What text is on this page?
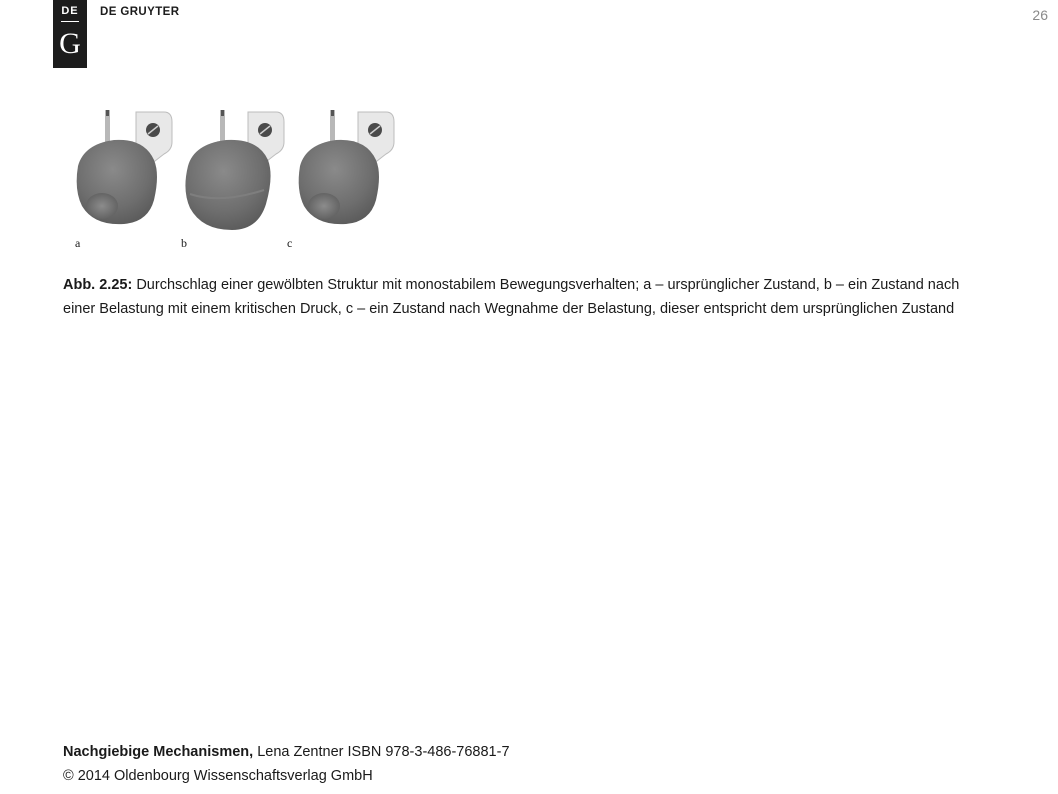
DE
G
DE GRUYTER	26
a	b	c
Abb. 2.25: Durchschlag einer gewölbten Struktur mit monostabilem Bewegungsverhalten; a – ursprünglicher Zustand, b – ein Zustand nach einer Belastung mit einem kritischen Druck, c – ein Zustand nach Wegnahme der Belastung, dieser entspricht dem ursprünglichen Zustand
Nachgiebige Mechanismen, Lena Zentner ISBN 978-3-486-76881-7
© 2014 Oldenbourg Wissenschaftsverlag GmbH
